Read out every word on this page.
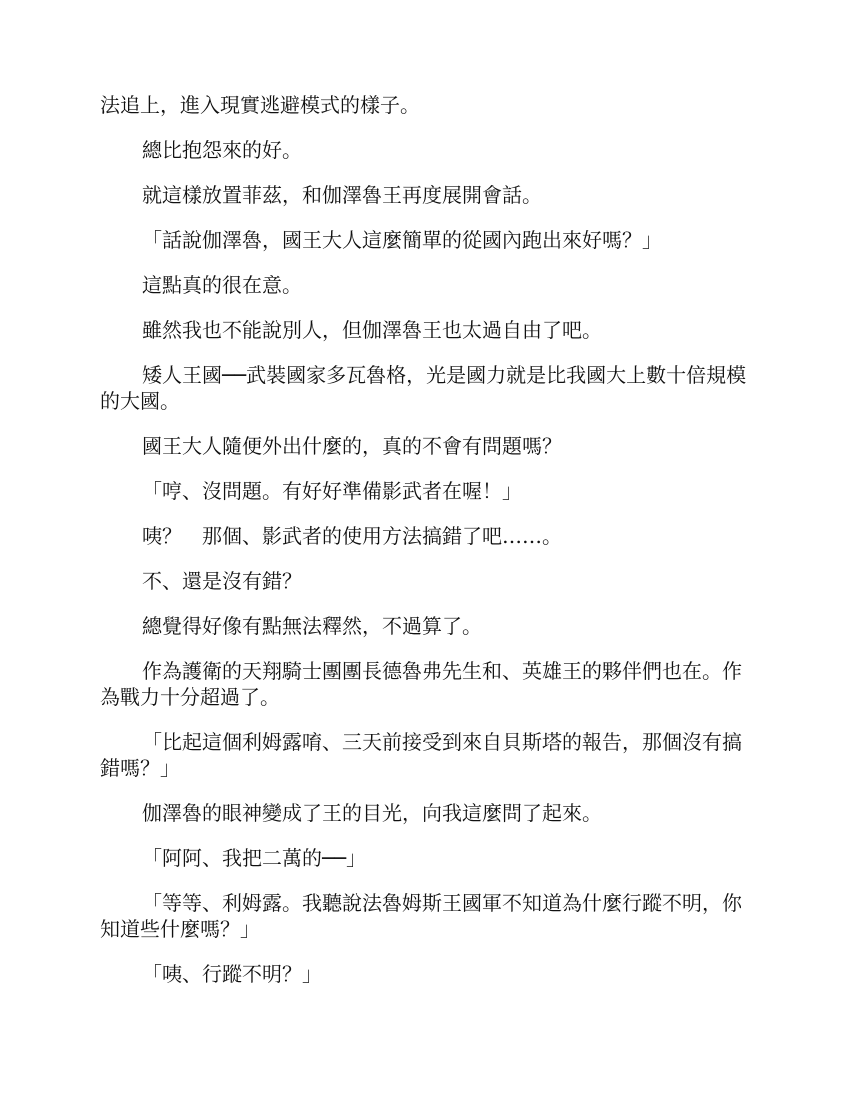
法追上，進入現實逃避模式的樣子。

總比抱怨來的好。

就這樣放置菲茲，和伽澤魯王再度展開會話。

「話說伽澤魯，國王大人這麼簡單的從國內跑出來好嗎？」

這點真的很在意。

雖然我也不能說別人，但伽澤魯王也太過自由了吧。

矮人王國──武裝國家多瓦魯格，光是國力就是比我國大上數十倍規模的大國。

國王大人隨便外出什麼的，真的不會有問題嗎？

「哼、沒問題。有好好準備影武者在喔！」

咦？　那個、影武者的使用方法搞錯了吧……。

不、還是沒有錯？

總覺得好像有點無法釋然，不過算了。

作為護衛的天翔騎士團團長德魯弗先生和、英雄王的夥伴們也在。作為戰力十分超過了。

「比起這個利姆露唷、三天前接受到來自貝斯塔的報告，那個沒有搞錯嗎？」

伽澤魯的眼神變成了王的目光，向我這麼問了起來。

「阿阿、我把二萬的──」

「等等、利姆露。我聽說法魯姆斯王國軍不知道為什麼行蹤不明，你知道些什麼嗎？」

「咦、行蹤不明？」
